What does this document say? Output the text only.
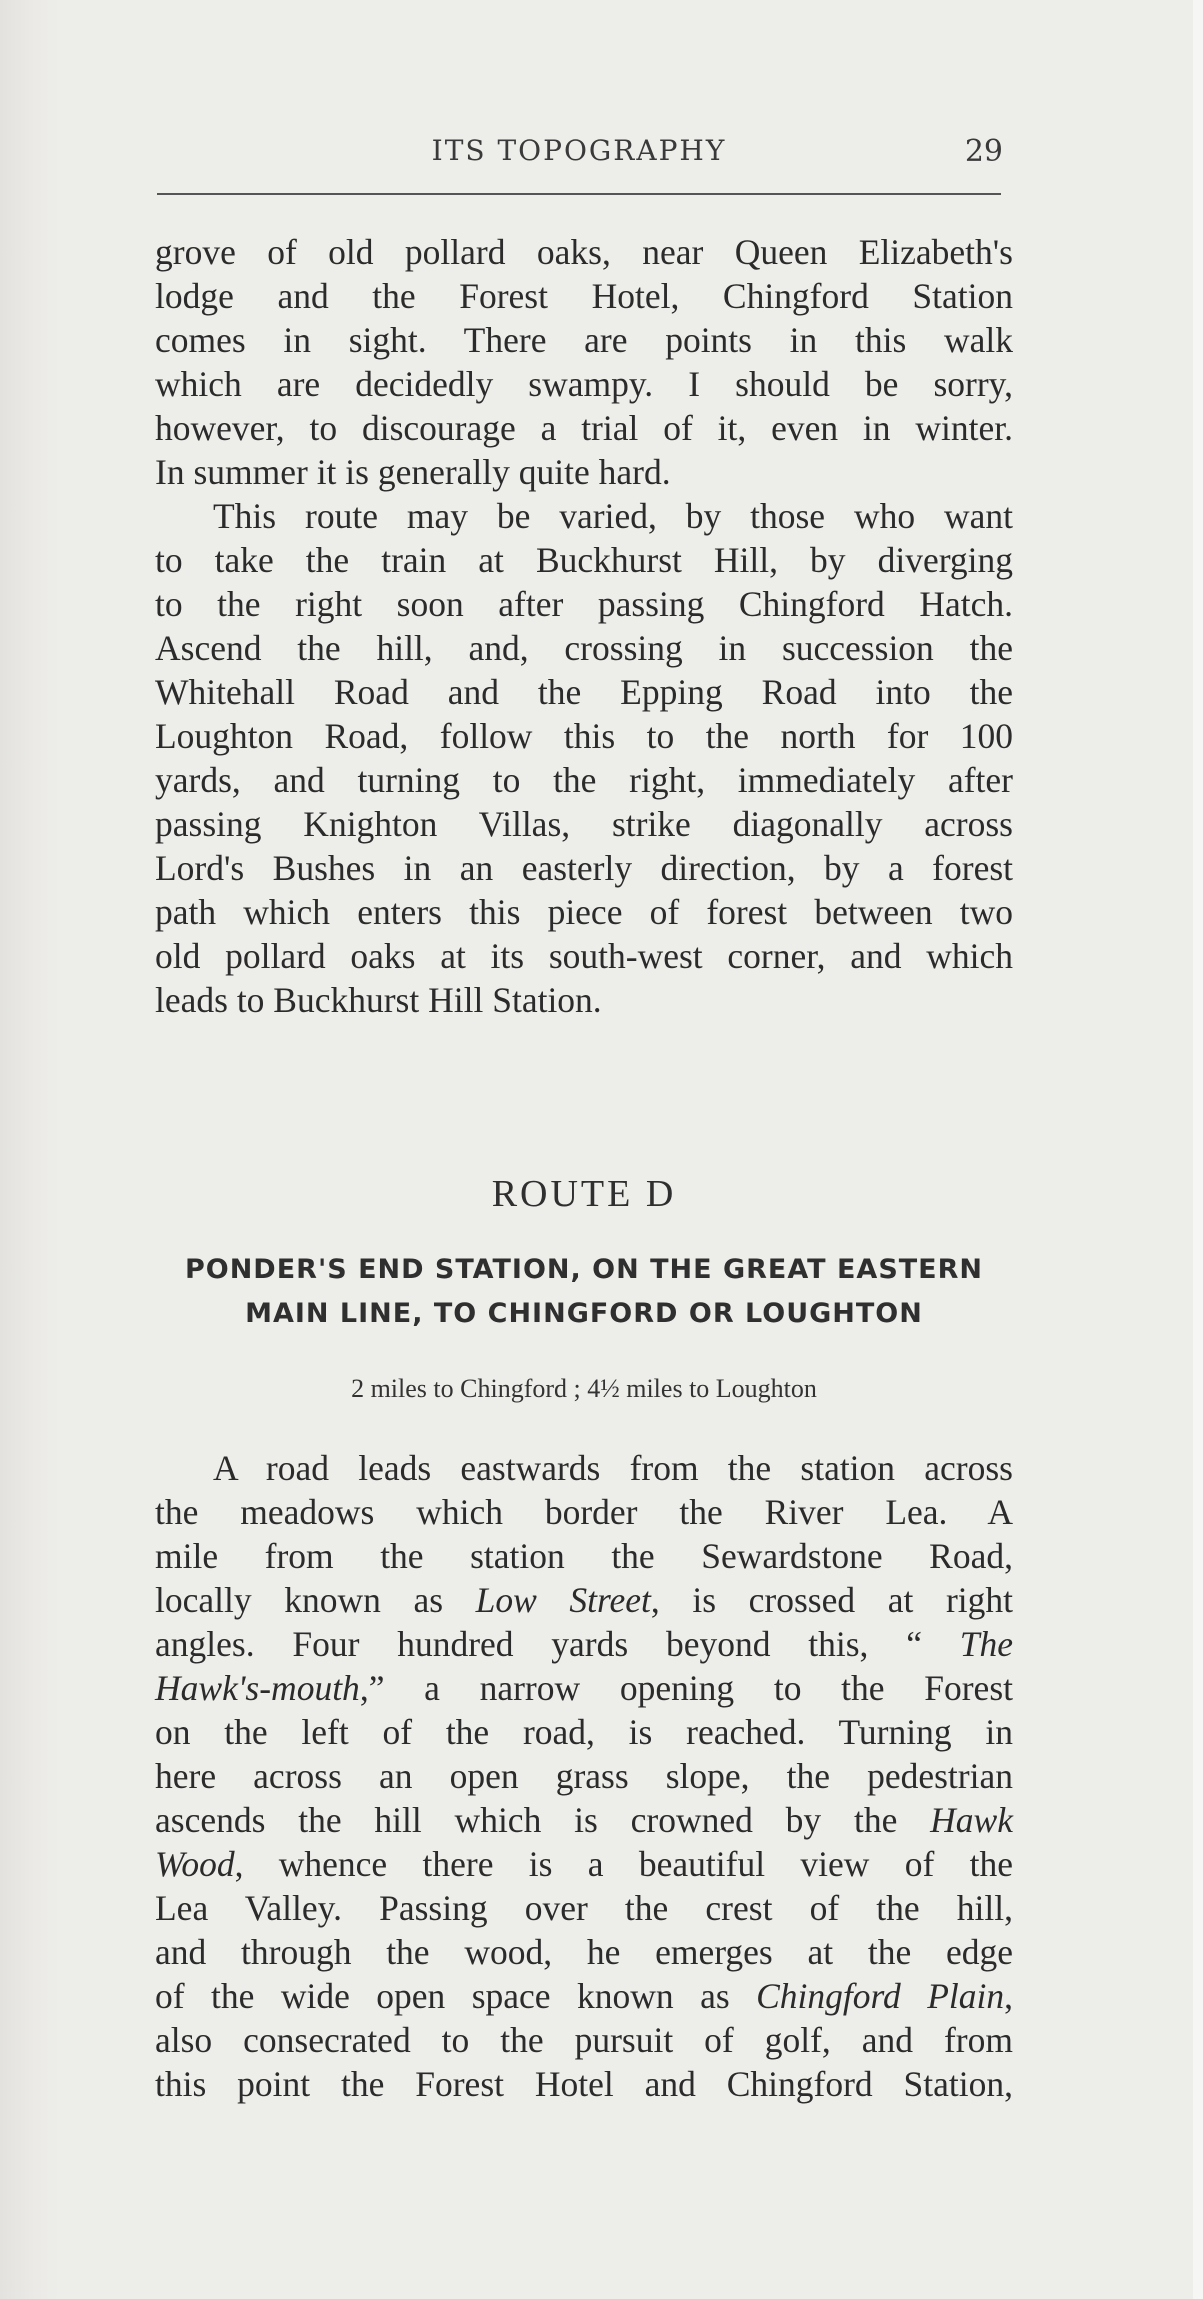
ITS TOPOGRAPHY	29
grove of old pollard oaks, near Queen Elizabeth's
lodge and the Forest Hotel, Chingford Station
comes in sight. There are points in this walk
which are decidedly swampy. I should be sorry,
however, to discourage a trial of it, even in winter.
In summer it is generally quite hard.
This route may be varied, by those who want
to take the train at Buckhurst Hill, by diverging
to the right soon after passing Chingford Hatch.
Ascend the hill, and, crossing in succession the
Whitehall Road and the Epping Road into the
Loughton Road, follow this to the north for 100
yards, and turning to the right, immediately after
passing Knighton Villas, strike diagonally across
Lord's Bushes in an easterly direction, by a forest
path which enters this piece of forest between two
old pollard oaks at its south-west corner, and which
leads to Buckhurst Hill Station.
ROUTE D
PONDER'S END STATION, ON THE GREAT EASTERN
MAIN LINE, TO CHINGFORD OR LOUGHTON
2 miles to Chingford ; 4½ miles to Loughton
A road leads eastwards from the station across
the meadows which border the River Lea. A
mile from the station the Sewardstone Road,
locally known as Low Street, is crossed at right
angles. Four hundred yards beyond this, “ The
Hawk's-mouth,” a narrow opening to the Forest
on the left of the road, is reached. Turning in
here across an open grass slope, the pedestrian
ascends the hill which is crowned by the Hawk
Wood, whence there is a beautiful view of the
Lea Valley. Passing over the crest of the hill,
and through the wood, he emerges at the edge
of the wide open space known as Chingford Plain,
also consecrated to the pursuit of golf, and from
this point the Forest Hotel and Chingford Station,
